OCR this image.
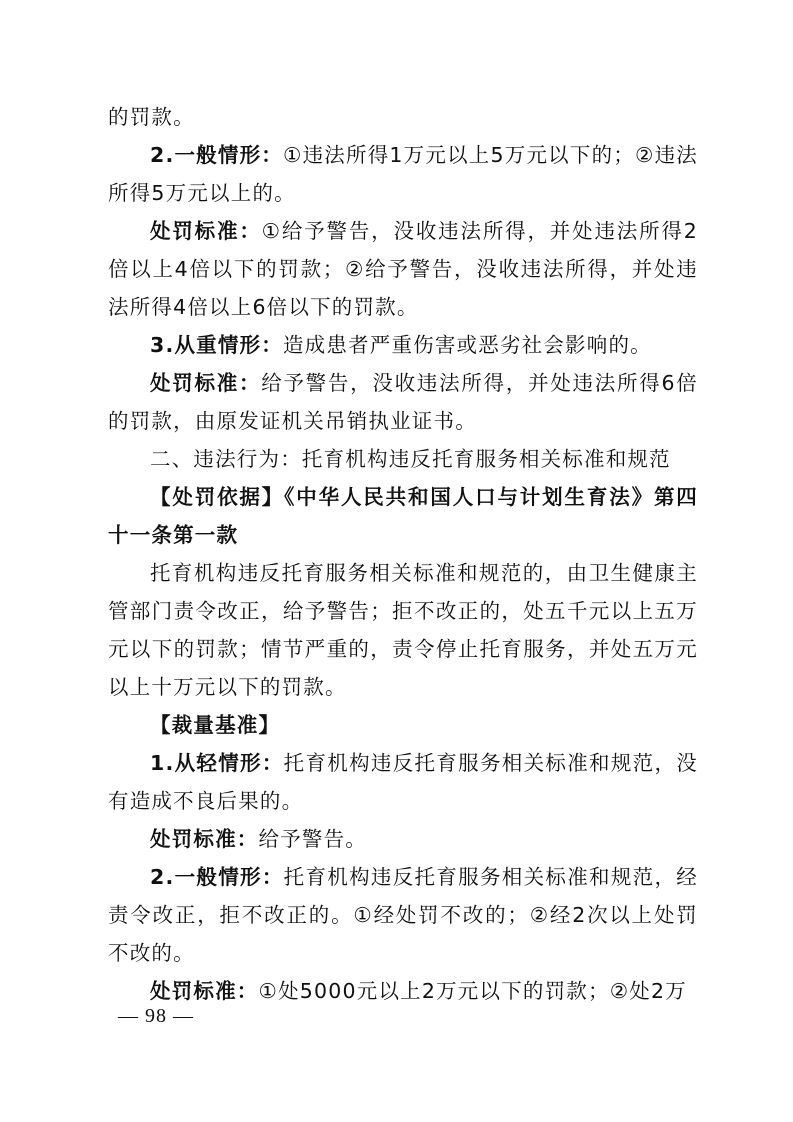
的罚款。

2.一般情形：①违法所得1万元以上5万元以下的；②违法所得5万元以上的。

处罚标准：①给予警告，没收违法所得，并处违法所得2倍以上4倍以下的罚款；②给予警告，没收违法所得，并处违法所得4倍以上6倍以下的罚款。

3.从重情形：造成患者严重伤害或恶劣社会影响的。

处罚标准：给予警告，没收违法所得，并处违法所得6倍的罚款，由原发证机关吊销执业证书。

二、违法行为：托育机构违反托育服务相关标准和规范

【处罚依据】《中华人民共和国人口与计划生育法》第四十一条第一款

托育机构违反托育服务相关标准和规范的，由卫生健康主管部门责令改正，给予警告；拒不改正的，处五千元以上五万元以下的罚款；情节严重的，责令停止托育服务，并处五万元以上十万元以下的罚款。

【裁量基准】

1.从轻情形：托育机构违反托育服务相关标准和规范，没有造成不良后果的。

处罚标准：给予警告。

2.一般情形：托育机构违反托育服务相关标准和规范，经责令改正，拒不改正的。①经处罚不改的；②经2次以上处罚不改的。

处罚标准：①处5000元以上2万元以下的罚款；②处2万

— 98 —
